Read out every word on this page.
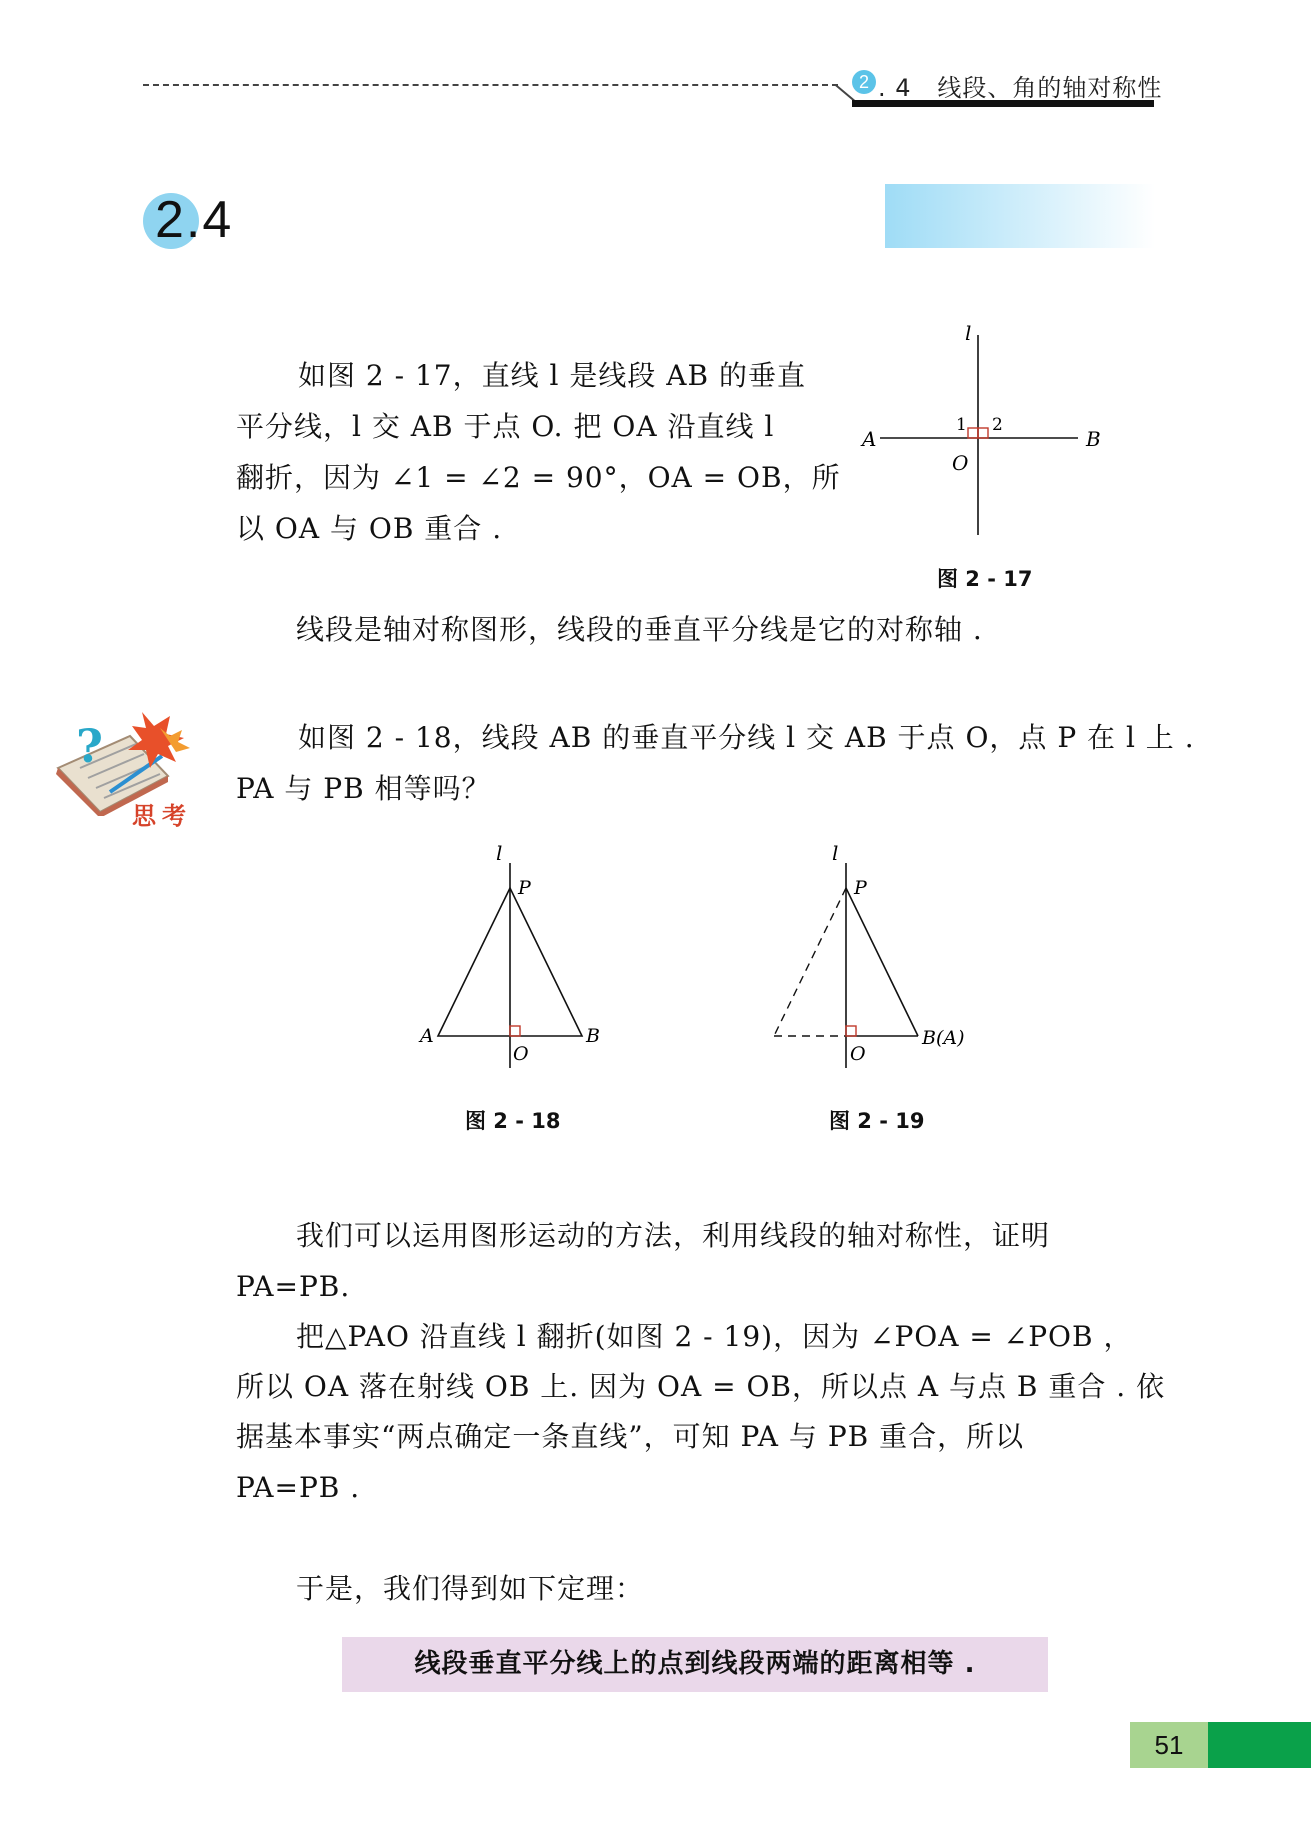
2 . 4 线段、角的轴对称性
2.4
如图 2 - 17，直线 l 是线段 AB 的垂直
平分线，l 交 AB 于点 O. 把 OA 沿直线 l
翻折，因为 ∠1 = ∠2 = 90°，OA = OB，所
以 OA 与 OB 重合 .
l
A	B
O
1 2
图 2 - 17
线段是轴对称图形，线段的垂直平分线是它的对称轴 .
?
思考
如图 2 - 18，线段 AB 的垂直平分线 l 交 AB 于点 O，点 P 在 l 上 .
PA 与 PB 相等吗？
l
P
A	B
O
图 2 - 18
l
P
B(A)
O
图 2 - 19
我们可以运用图形运动的方法，利用线段的轴对称性，证明
PA=PB.
把△PAO 沿直线 l 翻折(如图 2 - 19)，因为 ∠POA = ∠POB ，
所以 OA 落在射线 OB 上. 因为 OA = OB，所以点 A 与点 B 重合 . 依
据基本事实“两点确定一条直线”，可知 PA 与 PB 重合，所以
PA=PB .
于是，我们得到如下定理：
线段垂直平分线上的点到线段两端的距离相等 .
51
